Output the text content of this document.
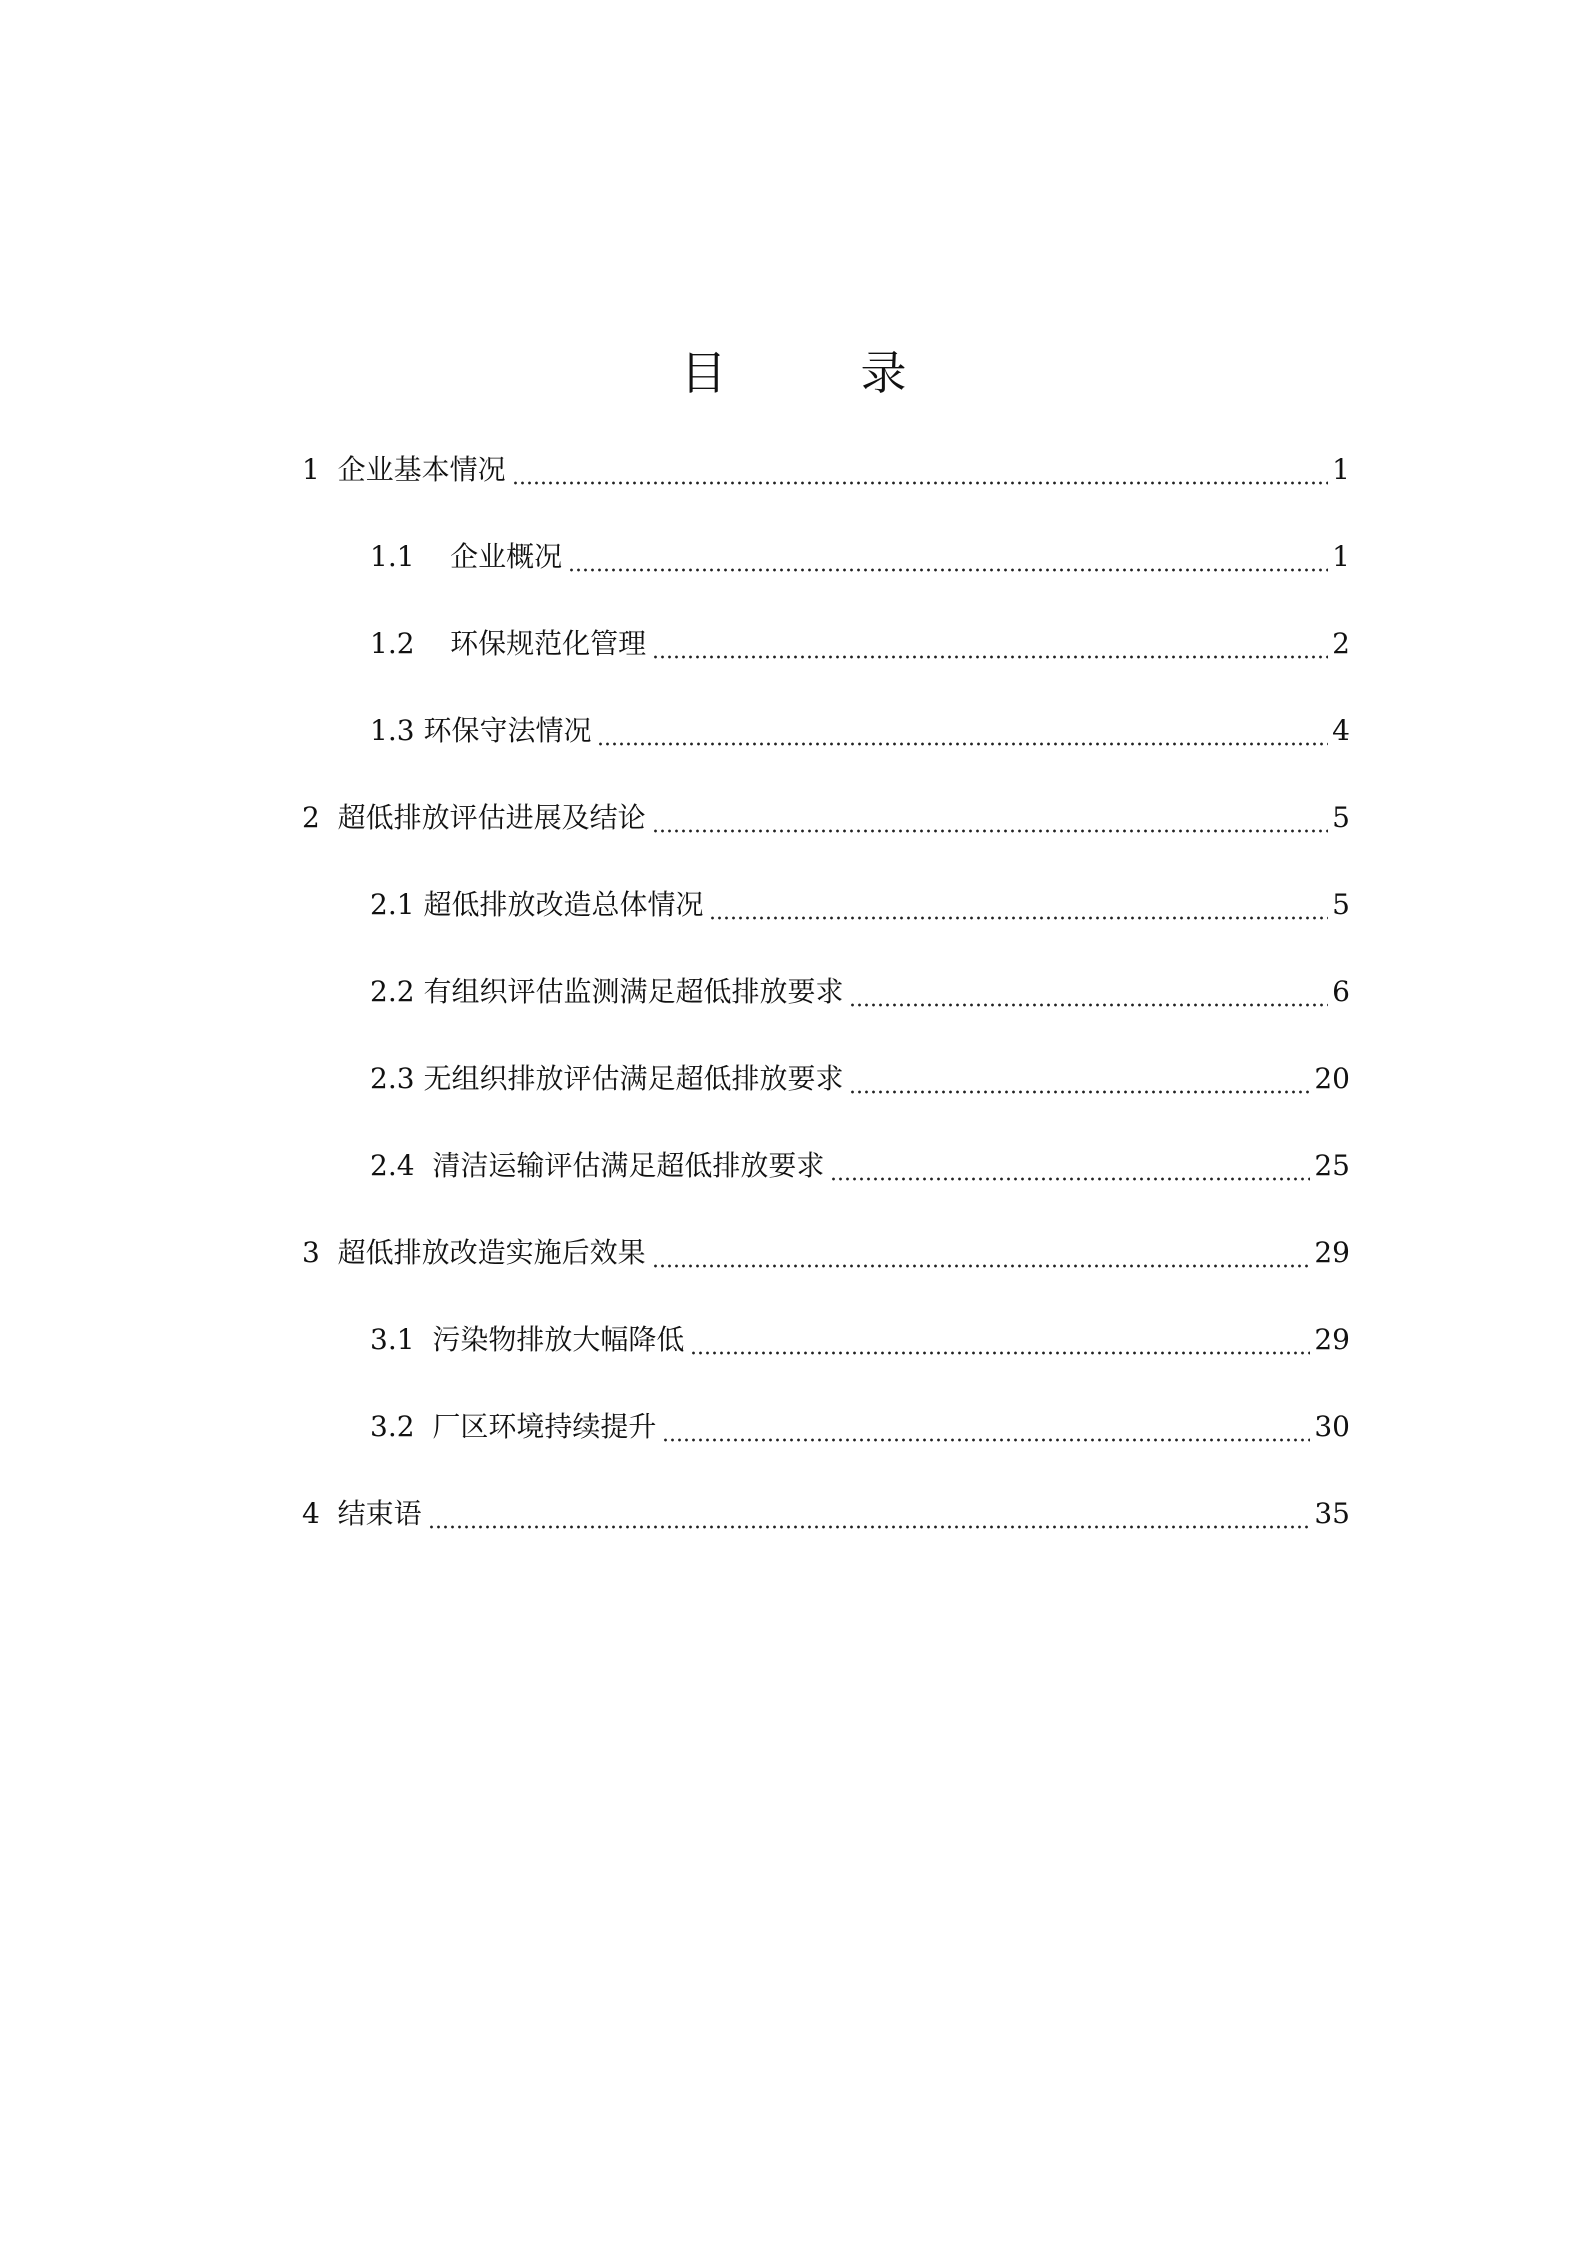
目　录
1 企业基本情况	1
1.1 企业概况	1
1.2 环保规范化管理	2
1.3 环保守法情况	4
2 超低排放评估进展及结论	5
2.1 超低排放改造总体情况	5
2.2 有组织评估监测满足超低排放要求	6
2.3 无组织排放评估满足超低排放要求	20
2.4 清洁运输评估满足超低排放要求	25
3 超低排放改造实施后效果	29
3.1 污染物排放大幅降低	29
3.2 厂区环境持续提升	30
4 结束语	35
